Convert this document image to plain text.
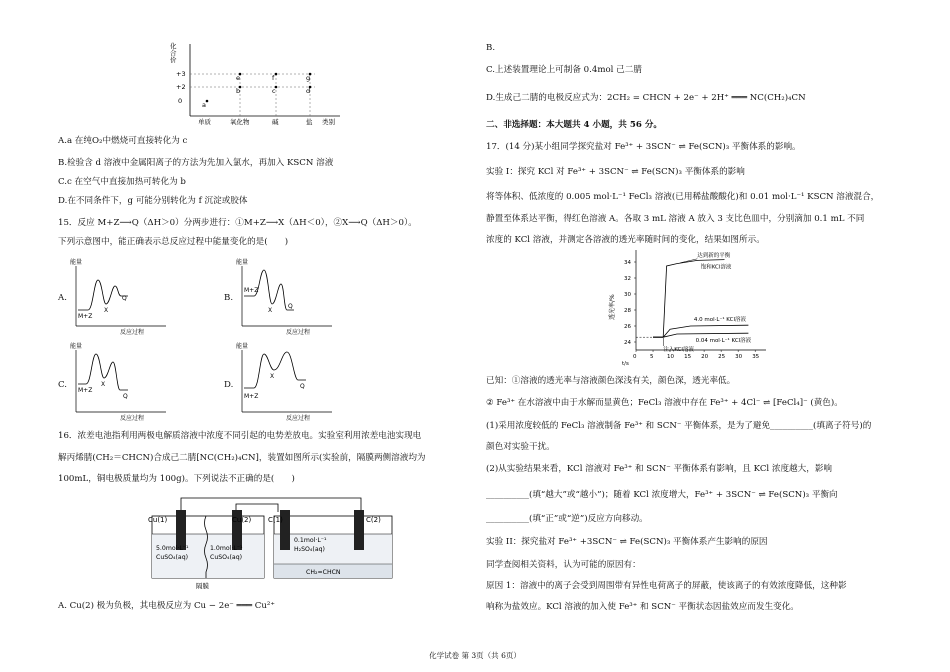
化
合
价
+3
+2
0	a
e
b
f
c
g
d
单质	氧化物	碱	盐 类别
A.a 在纯O₂中燃烧可直接转化为 c
B.检验含 d 溶液中金属阳离子的方法为先加入氯水，再加入 KSCN 溶液
C.c 在空气中直接加热可转化为 b
D.在不同条件下，g 可能分别转化为 f 沉淀或胶体
15．反应 M+Z⟶Q（ΔH＞0）分两步进行：①M+Z⟶X（ΔH＜0），②X⟶Q（ΔH＞0）。
下列示意图中，能正确表示总反应过程中能量变化的是(　　)
A.
能量
M+Z
X
Q
反应过程
B.
能量
M+Z
X
Q
反应过程
C.
能量
M+Z
X
Q
反应过程
D.
能量
M+Z
X
Q
反应过程
16．浓差电池指利用两极电解质溶液中浓度不同引起的电势差放电。实验室利用浓差电池实现电
解丙烯腈(CH₂＝CHCN)合成己二腈[NC(CH₂)₄CN]，装置如图所示(实验前，隔膜两侧溶液均为
100mL，铜电极质量均为 100g)。下列说法不正确的是(　　)
Cu(1)	Cu(2) C(1)	C(2)
5.0mol·L⁻¹
CuSO₄(aq)
1.0mol·L⁻¹
CuSO₄(aq)
0.1mol·L⁻¹
H₂SO₄(aq)
CH₂=CHCN
隔膜
A. Cu(2) 极为负极，其电极反应为 Cu − 2e⁻ ═══ Cu²⁺
B.
C.上述装置理论上可制备 0.4mol 己二腈
D.生成己二腈的电极反应式为：2CH₂ = CHCN + 2e⁻ + 2H⁺ ═══ NC(CH₂)₄CN
二、非选择题：本大题共 4 小题，共 56 分。
17．(14 分)某小组同学探究盐对 Fe³⁺ + 3SCN⁻ ⇌ Fe(SCN)₃ 平衡体系的影响。
实验 I：探究 KCl 对 Fe³⁺ + 3SCN⁻ ⇌ Fe(SCN)₃ 平衡体系的影响
将等体积、低浓度的 0.005 mol·L⁻¹ FeCl₃ 溶液(已用稀盐酸酸化)和 0.01 mol·L⁻¹ KSCN 溶液混合，
静置至体系达平衡，得红色溶液 A。各取 3 mL 溶液 A 放入 3 支比色皿中，分别滴加 0.1 mL 不同
浓度的 KCl 溶液，并测定各溶液的透光率随时间的变化，结果如图所示。
0 5 10 15 20 25 30 35
24
26
28
30
32
34
饱和KCl溶液
4.0 mol·L⁻¹ KCl溶液
0.04 mol·L⁻¹ KCl溶液
达到新的平衡
注入KCl溶液
透光率/%
t/s
已知：①溶液的透光率与溶液颜色深浅有关，颜色深，透光率低。
② Fe³⁺ 在水溶液中由于水解而显黄色；FeCl₃ 溶液中存在 Fe³⁺ + 4Cl⁻ ⇌ [FeCl₄]⁻ (黄色)。
(1)采用浓度较低的 FeCl₃ 溶液制备 Fe³⁺ 和 SCN⁻ 平衡体系，是为了避免__________(填离子符号)的
颜色对实验干扰。
(2)从实验结果来看，KCl 溶液对 Fe³⁺ 和 SCN⁻ 平衡体系有影响，且 KCl 浓度越大，影响
__________(填“越大”或“越小”)；随着 KCl 浓度增大，Fe³⁺ + 3SCN⁻ ⇌ Fe(SCN)₃ 平衡向
__________(填“正”或“逆”)反应方向移动。
实验 II：探究盐对 Fe³⁺ +3SCN⁻ ⇌ Fe(SCN)₃ 平衡体系产生影响的原因
同学查阅相关资料，认为可能的原因有：
原因 1：溶液中的离子会受到周围带有异性电荷离子的屏蔽，使该离子的有效浓度降低，这种影
响称为盐效应。KCl 溶液的加入使 Fe³⁺ 和 SCN⁻ 平衡状态因盐效应而发生变化。
化学试卷 第 3页（共 6页）
